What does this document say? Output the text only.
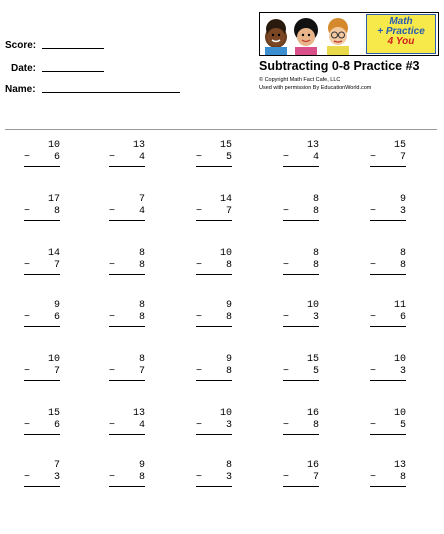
Score:
Date:
Name:
Math
+ Practice
4 You
Subtracting 0-8 Practice #3
© Copyright Math Fact Cafe, LLC
Used with permission By EducationWorld.com
10
− 6
13
− 4
15
− 5
13
− 4
15
− 7
17
− 8
7
− 4
14
− 7
8
− 8
9
− 3
14
− 7
8
− 8
10
− 8
8
− 8
8
− 8
9
− 6
8
− 8
9
− 8
10
− 3
11
− 6
10
− 7
8
− 7
9
− 8
15
− 5
10
− 3
15
− 6
13
− 4
10
− 3
16
− 8
10
− 5
7
− 3
9
− 8
8
− 3
16
− 7
13
− 8
